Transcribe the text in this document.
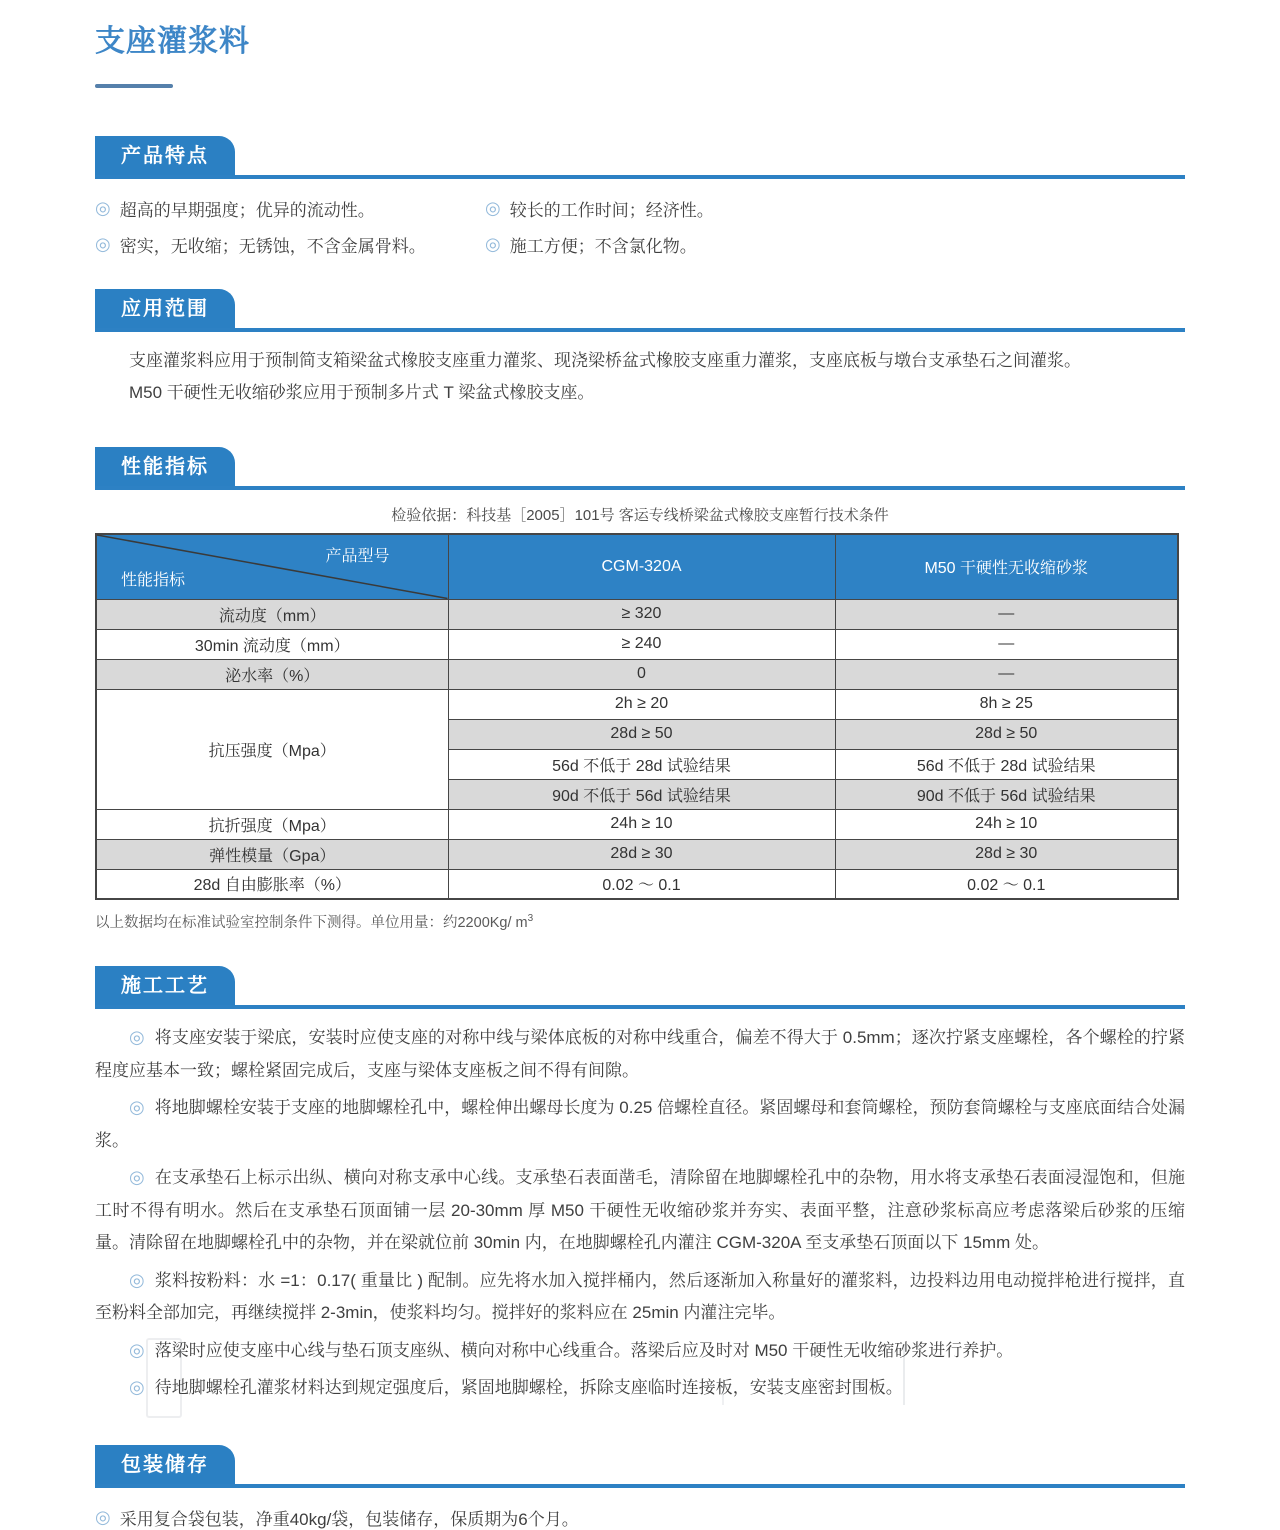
支座灌浆料
产品特点
◎ 超高的早期强度；优异的流动性。	◎ 较长的工作时间；经济性。
◎ 密实，无收缩；无锈蚀，不含金属骨料。	◎ 施工方便；不含氯化物。
应用范围

支座灌浆料应用于预制简支箱梁盆式橡胶支座重力灌浆、现浇梁桥盆式橡胶支座重力灌浆，支座底板与墩台支承垫石之间灌浆。

M50 干硬性无收缩砂浆应用于预制多片式 T 梁盆式橡胶支座。

性能指标
检验依据：科技基［2005］101号 客运专线桥梁盆式橡胶支座暂行技术条件
产品型号
性能指标	CGM-320A	M50 干硬性无收缩砂浆
流动度（mm）	≥ 320	—
30min 流动度（mm）	≥ 240	—
泌水率（%）	0	—
抗压强度（Mpa）	2h ≥ 20	8h ≥ 25
	28d ≥ 50	28d ≥ 50
	56d 不低于 28d 试验结果	56d 不低于 28d 试验结果
	90d 不低于 56d 试验结果	90d 不低于 56d 试验结果
抗折强度（Mpa）	24h ≥ 10	24h ≥ 10
弹性模量（Gpa）	28d ≥ 30	28d ≥ 30
28d 自由膨胀率（%）	0.02 ～ 0.1	0.02 ～ 0.1
以上数据均在标准试验室控制条件下测得。单位用量：约2200Kg/ $m^3$
施工工艺

◎ 将支座安装于梁底，安装时应使支座的对称中线与梁体底板的对称中线重合，偏差不得大于 0.5mm；逐次拧紧支座螺栓，各个螺栓的拧紧程度应基本一致；螺栓紧固完成后，支座与梁体支座板之间不得有间隙。

◎ 将地脚螺栓安装于支座的地脚螺栓孔中，螺栓伸出螺母长度为 0.25 倍螺栓直径。紧固螺母和套筒螺栓，预防套筒螺栓与支座底面结合处漏浆。

◎ 在支承垫石上标示出纵、横向对称支承中心线。支承垫石表面凿毛，清除留在地脚螺栓孔中的杂物，用水将支承垫石表面浸湿饱和，但施工时不得有明水。然后在支承垫石顶面铺一层 20-30mm 厚 M50 干硬性无收缩砂浆并夯实、表面平整，注意砂浆标高应考虑落梁后砂浆的压缩量。清除留在地脚螺栓孔中的杂物，并在梁就位前 30min 内，在地脚螺栓孔内灌注 CGM-320A 至支承垫石顶面以下 15mm 处。

◎ 浆料按粉料：水 =1：0.17( 重量比 ) 配制。应先将水加入搅拌桶内，然后逐渐加入称量好的灌浆料，边投料边用电动搅拌枪进行搅拌，直至粉料全部加完，再继续搅拌 2-3min，使浆料均匀。搅拌好的浆料应在 25min 内灌注完毕。

◎ 落梁时应使支座中心线与垫石顶支座纵、横向对称中心线重合。落梁后应及时对 M50 干硬性无收缩砂浆进行养护。

◎ 待地脚螺栓孔灌浆材料达到规定强度后，紧固地脚螺栓，拆除支座临时连接板，安装支座密封围板。

包装储存
◎ 采用复合袋包装，净重40kg/袋，包装储存，保质期为6个月。
